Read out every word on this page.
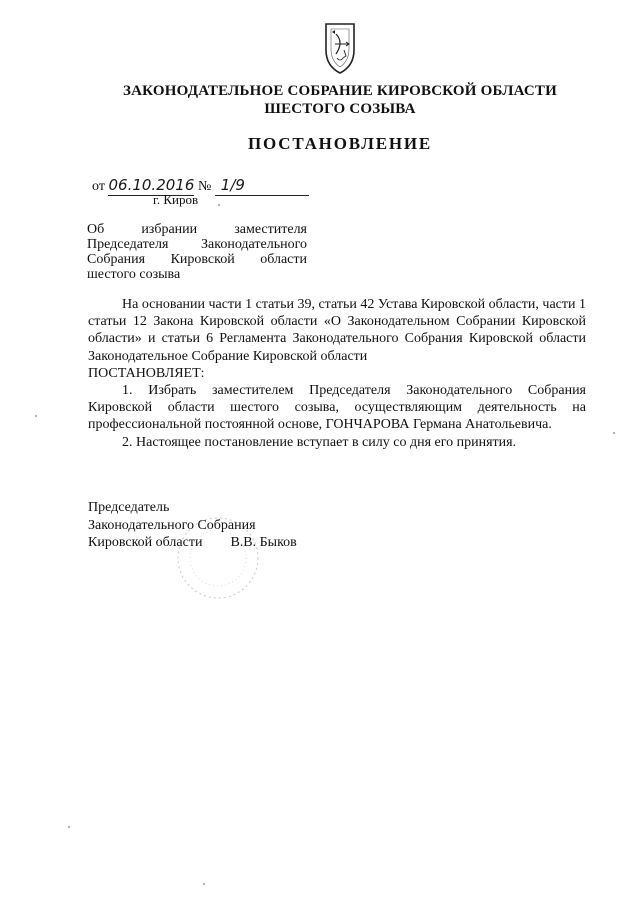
ЗАКОНОДАТЕЛЬНОЕ СОБРАНИЕ КИРОВСКОЙ ОБЛАСТИ
ШЕСТОГО СОЗЫВА
ПОСТАНОВЛЕНИЕ
от 06.10.2016 № 1/9
г. Киров
Об избрании заместителя Председателя Законодательного Собрания Кировской области шестого созыва

На основании части 1 статьи 39, статьи 42 Устава Кировской области, части 1 статьи 12 Закона Кировской области «О Законодательном Собрании Кировской области» и статьи 6 Регламента Законодательного Собрания Кировской области Законодательное Собрание Кировской области

ПОСТАНОВЛЯЕТ:

1. Избрать заместителем Председателя Законодательного Собрания Кировской области шестого созыва, осуществляющим деятельность на профессиональной постоянной основе, ГОНЧАРОВА Германа Анатольевича.

2. Настоящее постановление вступает в силу со дня его принятия.

Председатель
Законодательного Собрания
Кировской области В.В. Быков
